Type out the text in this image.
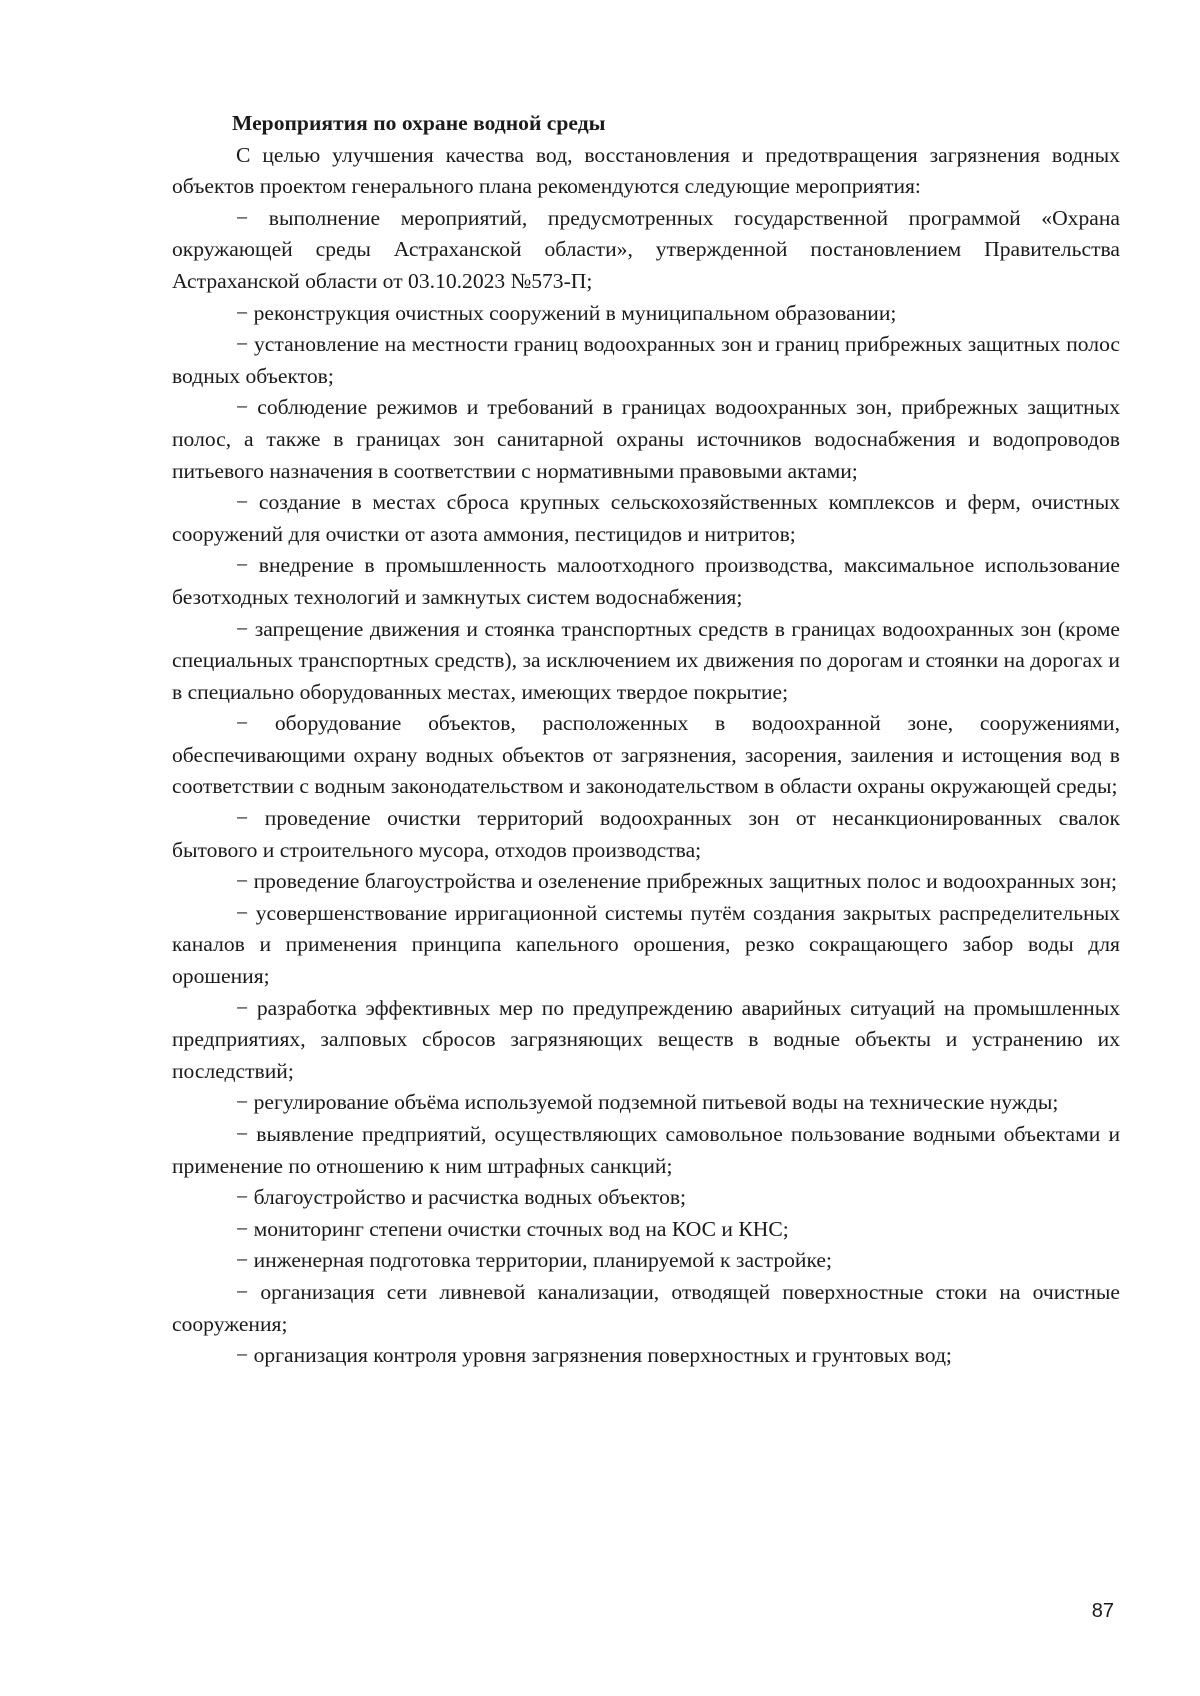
Мероприятия по охране водной среды

С целью улучшения качества вод, восстановления и предотвращения загрязнения водных объектов проектом генерального плана рекомендуются следующие мероприятия:

− выполнение мероприятий, предусмотренных государственной программой «Охрана окружающей среды Астраханской области», утвержденной постановлением Правительства Астраханской области от 03.10.2023 №573-П;

− реконструкция очистных сооружений в муниципальном образовании;

− установление на местности границ водоохранных зон и границ прибрежных защитных полос водных объектов;

− соблюдение режимов и требований в границах водоохранных зон, прибрежных защитных полос, а также в границах зон санитарной охраны источников водоснабжения и водопроводов питьевого назначения в соответствии с нормативными правовыми актами;

− создание в местах сброса крупных сельскохозяйственных комплексов и ферм, очистных сооружений для очистки от азота аммония, пестицидов и нитритов;

− внедрение в промышленность малоотходного производства, максимальное использование безотходных технологий и замкнутых систем водоснабжения;

− запрещение движения и стоянка транспортных средств в границах водоохранных зон (кроме специальных транспортных средств), за исключением их движения по дорогам и стоянки на дорогах и в специально оборудованных местах, имеющих твердое покрытие;

− оборудование объектов, расположенных в водоохранной зоне, сооружениями, обеспечивающими охрану водных объектов от загрязнения, засорения, заиления и истощения вод в соответствии с водным законодательством и законодательством в области охраны окружающей среды;

− проведение очистки территорий водоохранных зон от несанкционированных свалок бытового и строительного мусора, отходов производства;

− проведение благоустройства и озеленение прибрежных защитных полос и водоохранных зон;

− усовершенствование ирригационной системы путём создания закрытых распределительных каналов и применения принципа капельного орошения, резко сокращающего забор воды для орошения;

− разработка эффективных мер по предупреждению аварийных ситуаций на промышленных предприятиях, залповых сбросов загрязняющих веществ в водные объекты и устранению их последствий;

− регулирование объёма используемой подземной питьевой воды на технические нужды;

− выявление предприятий, осуществляющих самовольное пользование водными объектами и применение по отношению к ним штрафных санкций;

− благоустройство и расчистка водных объектов;

− мониторинг степени очистки сточных вод на КОС и КНС;

− инженерная подготовка территории, планируемой к застройке;

− организация сети ливневой канализации, отводящей поверхностные стоки на очистные сооружения;

− организация контроля уровня загрязнения поверхностных и грунтовых вод;

87
